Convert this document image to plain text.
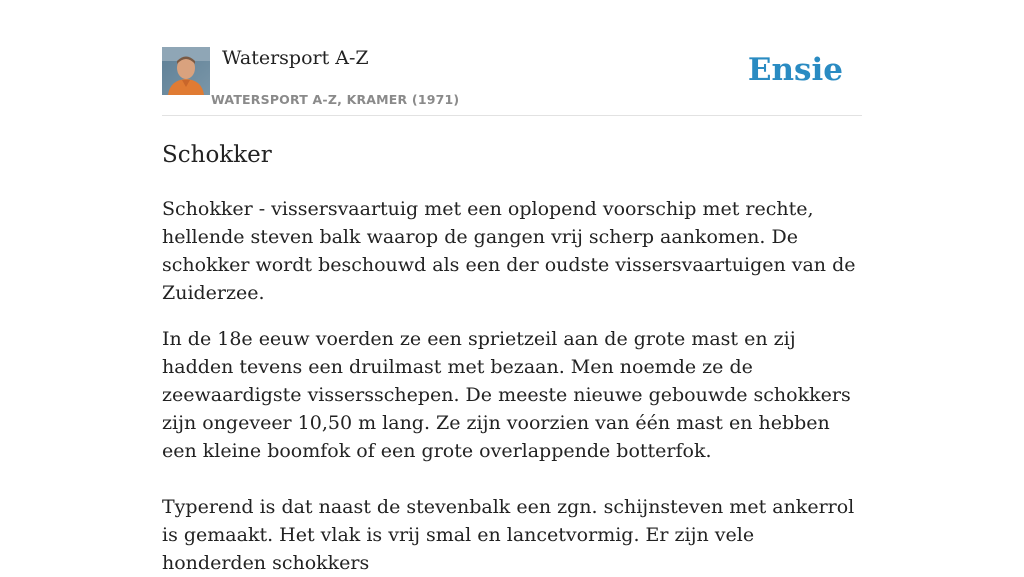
Watersport A-Z
WATERSPORT A-Z, KRAMER (1971)
Ensie
Schokker

Schokker - vissersvaartuig met een oplopend voorschip met rechte, hellende steven balk waarop de gangen vrij scherp aankomen. De schokker wordt beschouwd als een der oudste vissersvaartuigen van de Zuiderzee.

In de 18e eeuw voerden ze een sprietzeil aan de grote mast en zij hadden tevens een druilmast met bezaan. Men noemde ze de zeewaardigste vissersschepen. De meeste nieuwe gebouwde schokkers zijn ongeveer 10,50 m lang. Ze zijn voorzien van één mast en hebben een kleine boomfok of een grote overlappende botterfok.

Typerend is dat naast de stevenbalk een zgn. schijnsteven met ankerrol is gemaakt. Het vlak is vrij smal en lancetvormig. Er zijn vele honderden schokkers
